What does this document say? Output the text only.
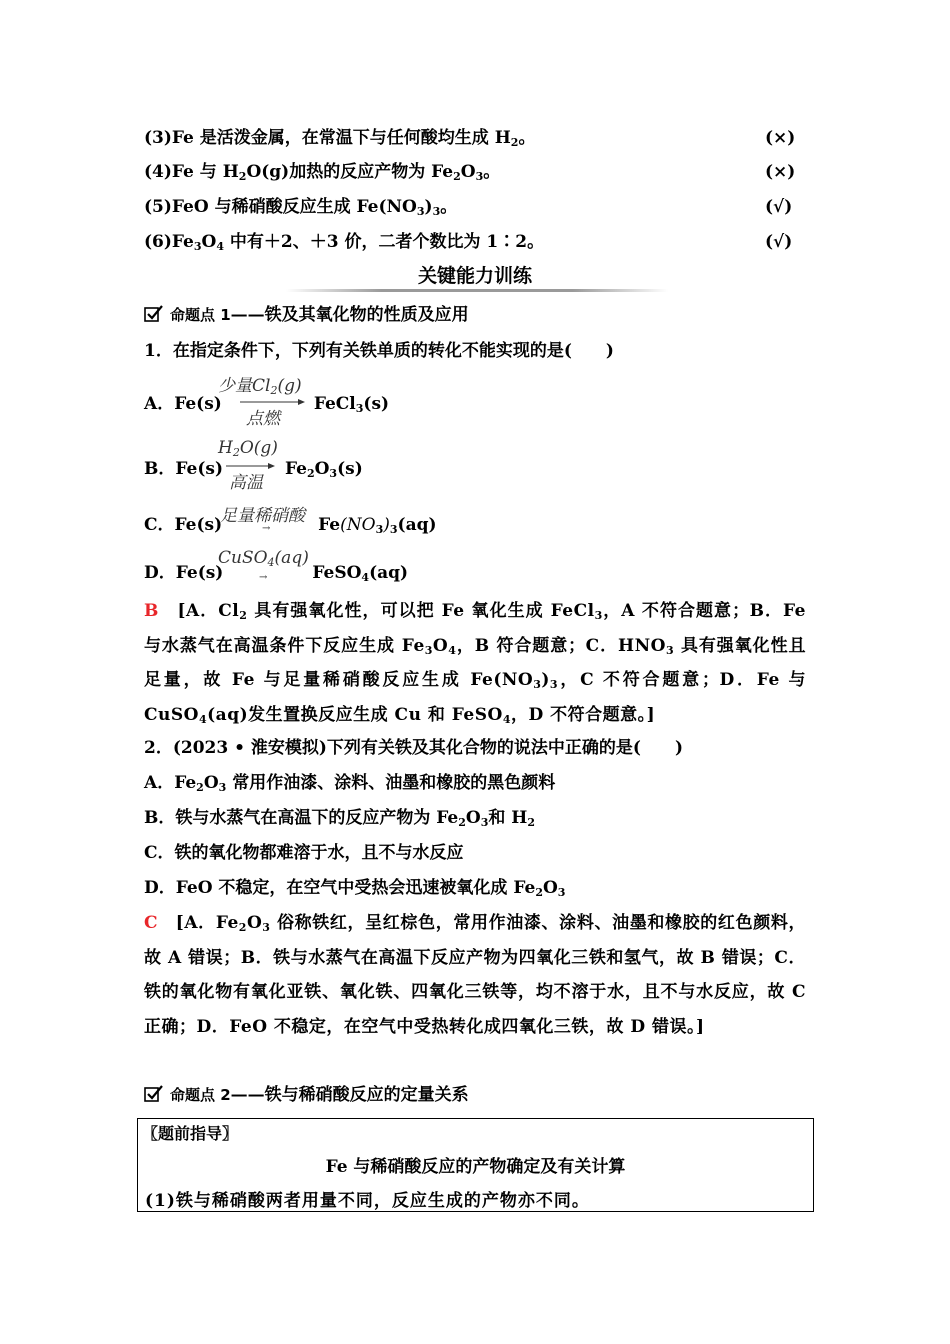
(3)Fe 是活泼金属，在常温下与任何酸均生成 $H_2$。	(×)
(4)Fe 与 $H_2O(g)$加热的反应产物为 $Fe_2O_3$。	(×)
(5)FeO 与稀硝酸反应生成 $Fe(NO_3)_3$。	(√)
$(6)Fe_3O_4$ 中有＋2、＋3 价，二者个数比为 1∶2。	(√)
关键能力训练
命题点 1——铁及其氧化物的性质及应用
1．在指定条件下，下列有关铁单质的转化不能实现的是(　　)
A．Fe(s)	FeCl$_3$(s)
少量$Cl_2(g)$
点燃
B．Fe(s)	$Fe_2O_3(s)$
$H_2O(g)$
高温
C．Fe(s)	$Fe(NO_3)_3(aq)$
足量稀硝酸
→
D．Fe(s)	FeSO$_4$(aq)
CuSO$_4$(aq)
→
B　[A．$Cl_2$ 具有强氧化性，可以把 Fe 氧化生成 FeCl$_3$，A 不符合题意；B．Fe 与水蒸气在高温条件下反应生成 $Fe_3O_4$，B 符合题意；C．$HNO_3$ 具有强氧化性且足量，故 Fe 与足量稀硝酸反应生成 $Fe(NO_3)_3$，C 不符合题意；D．Fe 与 CuSO$_4$(aq)发生置换反应生成 Cu 和 FeSO$_4$，D 不符合题意。]
2．(2023 • 淮安模拟)下列有关铁及其化合物的说法中正确的是(　　)
A．$Fe_2O_3$ 常用作油漆、涂料、油墨和橡胶的黑色颜料
B．铁与水蒸气在高温下的反应产物为 $Fe_2O_3$和 $H_2$
C．铁的氧化物都难溶于水，且不与水反应
D．FeO 不稳定，在空气中受热会迅速被氧化成 $Fe_2O_3$
C　[A．$Fe_2O_3$ 俗称铁红，呈红棕色，常用作油漆、涂料、油墨和橡胶的红色颜料，故 A 错误；B．铁与水蒸气在高温下反应产物为四氧化三铁和氢气，故 B 错误；C．铁的氧化物有氧化亚铁、氧化铁、四氧化三铁等，均不溶于水，且不与水反应，故 C 正确；D．FeO 不稳定，在空气中受热转化成四氧化三铁，故 D 错误。]
命题点 2——铁与稀硝酸反应的定量关系
〖题前指导〗
Fe 与稀硝酸反应的产物确定及有关计算
(1)铁与稀硝酸两者用量不同，反应生成的产物亦不同。
